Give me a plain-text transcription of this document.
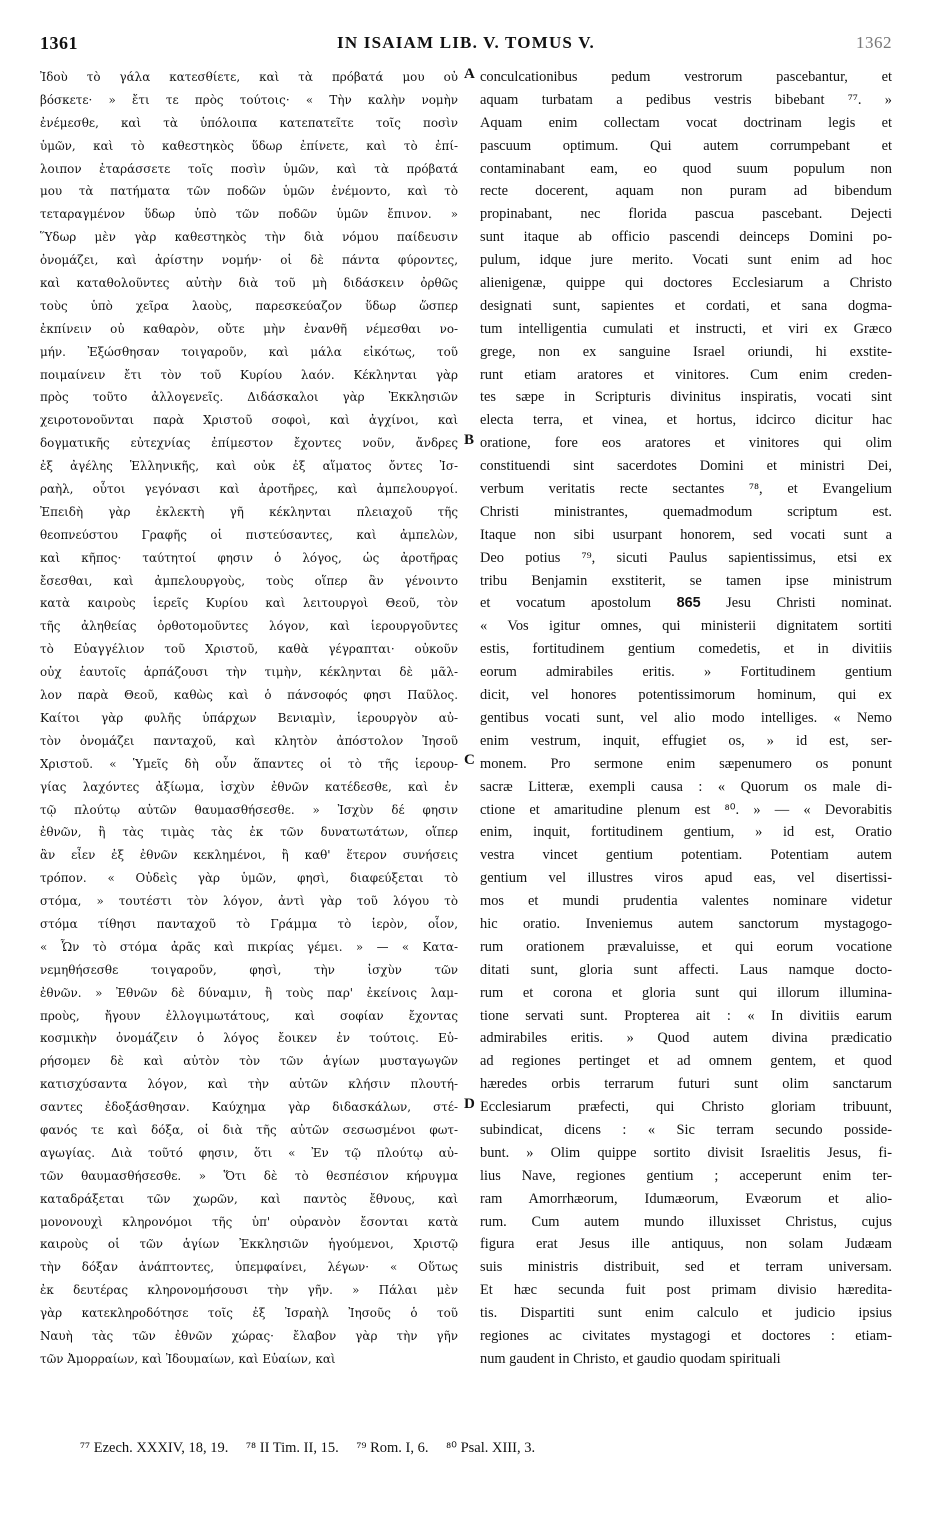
1361	IN ISAIAM LIB. V. TOMUS V.	1362
Ἰδοὺ τὸ γάλα κατεσθίετε, καὶ τὰ πρόβατά μου οὐ
βόσκετε· » ἔτι τε πρὸς τούτοις· « Τὴν καλὴν νομὴν
ἐνέμεσθε, καὶ τὰ ὑπόλοιπα κατεπατεῖτε τοῖς ποσὶν
ὑμῶν, καὶ τὸ καθεστηκὸς ὕδωρ ἐπίνετε, καὶ τὸ ἐπί-
λοιπον ἐταράσσετε τοῖς ποσὶν ὑμῶν, καὶ τὰ πρόβατά
μου τὰ πατήματα τῶν ποδῶν ὑμῶν ἐνέμοντο, καὶ τὸ
τεταραγμένον ὕδωρ ὑπὸ τῶν ποδῶν ὑμῶν ἔπινον. »
Ὕδωρ μὲν γὰρ καθεστηκὸς τὴν διὰ νόμου παίδευσιν
ὀνομάζει, καὶ ἀρίστην νομήν· οἱ δὲ πάντα φύροντες,
καὶ καταθολοῦντες αὐτὴν διὰ τοῦ μὴ διδάσκειν ὀρθῶς
τοὺς ὑπὸ χεῖρα λαοὺς, παρεσκεύαζον ὕδωρ ὥσπερ
ἐκπίνειν οὐ καθαρὸν, οὔτε μὴν ἐνανθῆ νέμεσθαι νο-
μήν. Ἐξώσθησαν τοιγαροῦν, καὶ μάλα εἰκότως, τοῦ
ποιμαίνειν ἔτι τὸν τοῦ Κυρίου λαόν. Κέκληνται γὰρ
πρὸς τοῦτο ἀλλογενεῖς. Διδάσκαλοι γὰρ Ἐκκλησιῶν
χειροτονοῦνται παρὰ Χριστοῦ σοφοὶ, καὶ ἀγχίνοι, καὶ
δογματικῆς εὐτεχνίας ἐπίμεστον ἔχοντες νοῦν, ἄνδρες
ἐξ ἀγέλης Ἑλληνικῆς, καὶ οὐκ ἐξ αἵματος ὄντες Ἰσ-
ραὴλ, οὗτοι γεγόνασι καὶ ἀροτῆρες, καὶ ἀμπελουργοί.
Ἐπειδὴ γὰρ ἐκλεκτὴ γῆ κέκληνται πλειαχοῦ τῆς
θεοπνεύστου Γραφῆς οἱ πιστεύσαντες, καὶ ἀμπελὼν,
καὶ κῆπος· ταύτητοί φησιν ὁ λόγος, ὡς ἀροτῆρας
ἔσεσθαι, καὶ ἀμπελουργοὺς, τοὺς οἵπερ ἂν γένοιντο
κατὰ καιροὺς ἱερεῖς Κυρίου καὶ λειτουργοὶ Θεοῦ, τὸν
τῆς ἀληθείας ὀρθοτομοῦντες λόγον, καὶ ἱερουργοῦντες
τὸ Εὐαγγέλιον τοῦ Χριστοῦ, καθὰ γέγραπται· οὐκοῦν
οὐχ ἑαυτοῖς ἁρπάζουσι τὴν τιμὴν, κέκληνται δὲ μᾶλ-
λον παρὰ Θεοῦ, καθὼς καὶ ὁ πάνσοφός φησι Παῦλος.
Καίτοι γὰρ φυλῆς ὑπάρχων Βενιαμὶν, ἱερουργὸν αὐ-
τὸν ὀνομάζει πανταχοῦ, καὶ κλητὸν ἀπόστολον Ἰησοῦ
Χριστοῦ. « Ὑμεῖς δὴ οὖν ἅπαντες οἱ τὸ τῆς ἱερουρ-
γίας λαχόντες ἀξίωμα, ἰσχὺν ἐθνῶν κατέδεσθε, καὶ ἐν
τῷ πλούτῳ αὐτῶν θαυμασθήσεσθε. » Ἰσχὺν δέ φησιν
ἐθνῶν, ἢ τὰς τιμὰς τὰς ἐκ τῶν δυνατωτάτων, οἵπερ
ἂν εἶεν ἐξ ἐθνῶν κεκλημένοι, ἢ καθ' ἕτερον συνήσεις
τρόπον. « Οὐδεὶς γὰρ ὑμῶν, φησὶ, διαφεύξεται τὸ
στόμα, » τουτέστι τὸν λόγον, ἀντὶ γὰρ τοῦ λόγου τὸ
στόμα τίθησι πανταχοῦ τὸ Γράμμα τὸ ἱερὸν, οἷον,
« Ὧν τὸ στόμα ἀρᾶς καὶ πικρίας γέμει. » — « Κατα-
νεμηθήσεσθε τοιγαροῦν, φησὶ, τὴν ἰσχὺν τῶν
ἐθνῶν. » Ἐθνῶν δὲ δύναμιν, ἢ τοὺς παρ' ἐκείνοις λαμ-
προὺς, ἤγουν ἐλλογιμωτάτους, καὶ σοφίαν ἔχοντας
κοσμικὴν ὀνομάζειν ὁ λόγος ἔοικεν ἐν τούτοις. Εὑ-
ρήσομεν δὲ καὶ αὐτὸν τὸν τῶν ἁγίων μυσταγωγῶν
κατισχύσαντα λόγον, καὶ τὴν αὐτῶν κλήσιν πλουτή-
σαντες ἐδοξάσθησαν. Καύχημα γὰρ διδασκάλων, στέ-
φανός τε καὶ δόξα, οἱ διὰ τῆς αὐτῶν σεσωσμένοι φωτ-
αγωγίας. Διὰ τοῦτό φησιν, ὅτι « Ἐν τῷ πλούτῳ αὐ-
τῶν θαυμασθήσεσθε. » Ὅτι δὲ τὸ θεσπέσιον κήρυγμα
καταδράξεται τῶν χωρῶν, καὶ παντὸς ἔθνους, καὶ
μονονουχὶ κληρονόμοι τῆς ὑπ' οὐρανὸν ἔσονται κατὰ
καιροὺς οἱ τῶν ἁγίων Ἐκκλησιῶν ἡγούμενοι, Χριστῷ
τὴν δόξαν ἀνάπτοντες, ὑπεμφαίνει, λέγων· « Οὕτως
ἐκ δευτέρας κληρονομήσουσι τὴν γῆν. » Πάλαι μὲν
γὰρ κατεκληροδότησε τοῖς ἐξ Ἰσραὴλ Ἰησοῦς ὁ τοῦ
Ναυὴ τὰς τῶν ἐθνῶν χώρας· ἔλαβον γὰρ τὴν γῆν
τῶν Ἀμορραίων, καὶ Ἰδουμαίων, καὶ Εὐαίων, καὶ
conculcationibus pedum vestrorum pascebantur, et
aquam turbatam a pedibus vestris bibebant ⁷⁷. »
Aquam enim collectam vocat doctrinam legis et
pascuum optimum. Qui autem corrumpebant et
contaminabant eam, eo quod suum populum non
recte docerent, aquam non puram ad bibendum
propinabant, nec florida pascua pascebant. Dejecti
sunt itaque ab officio pascendi deinceps Domini po-
pulum, idque jure merito. Vocati sunt enim ad hoc
alienigenæ, quippe qui doctores Ecclesiarum a Christo
designati sunt, sapientes et cordati, et sana dogma-
tum intelligentia cumulati et instructi, et viri ex Græco
grege, non ex sanguine Israel oriundi, hi exstite-
runt etiam aratores et vinitores. Cum enim creden-
tes sæpe in Scripturis divinitus inspiratis, vocati sint
electa terra, et vinea, et hortus, idcirco dicitur hac
oratione, fore eos aratores et vinitores qui olim
constituendi sint sacerdotes Domini et ministri Dei,
verbum veritatis recte sectantes ⁷⁸, et Evangelium
Christi ministrantes, quemadmodum scriptum est.
Itaque non sibi usurpant honorem, sed vocati sunt a
Deo potius ⁷⁹, sicuti Paulus sapientissimus, etsi ex
tribu Benjamin exstiterit, se tamen ipse ministrum
et vocatum apostolum 865 Jesu Christi nominat.
« Vos igitur omnes, qui ministerii dignitatem sortiti
estis, fortitudinem gentium comedetis, et in divitiis
eorum admirabiles eritis. » Fortitudinem gentium
dicit, vel honores potentissimorum hominum, qui ex
gentibus vocati sunt, vel alio modo intelliges. « Nemo
enim vestrum, inquit, effugiet os, » id est, ser-
monem. Pro sermone enim sæpenumero os ponunt
sacræ Litteræ, exempli causa : « Quorum os male di-
ctione et amaritudine plenum est ⁸⁰. » — « Devorabitis
enim, inquit, fortitudinem gentium, » id est, Oratio
vestra vincet gentium potentiam. Potentiam autem
gentium vel illustres viros apud eas, vel disertissi-
mos et mundi prudentia valentes nominare videtur
hic oratio. Inveniemus autem sanctorum mystagogo-
rum orationem prævaluisse, et qui eorum vocatione
ditati sunt, gloria sunt affecti. Laus namque docto-
rum et corona et gloria sunt qui illorum illumina-
tione servati sunt. Propterea ait : « In divitiis earum
admirabiles eritis. » Quod autem divina prædicatio
ad regiones pertinget et ad omnem gentem, et quod
hæredes orbis terrarum futuri sunt olim sanctarum
Ecclesiarum præfecti, qui Christo gloriam tribuunt,
subindicat, dicens : « Sic terram secundo posside-
bunt. » Olim quippe sortito divisit Israelitis Jesus, fi-
lius Nave, regiones gentium ; acceperunt enim ter-
ram Amorrhæorum, Idumæorum, Evæorum et alio-
rum. Cum autem mundo illuxisset Christus, cujus
figura erat Jesus ille antiquus, non solam Judæam
suis ministris distribuit, sed et terram universam.
Et hæc secunda fuit post primam divisio hæredita-
tis. Dispartiti sunt enim calculo et judicio ipsius
regiones ac civitates mystagogi et doctores : etiam-
num gaudent in Christo, et gaudio quodam spirituali
A
B
C
D
⁷⁷ Ezech. XXXIV, 18, 19. ⁷⁸ II Tim. II, 15. ⁷⁹ Rom. I, 6. ⁸⁰ Psal. XIII, 3.
